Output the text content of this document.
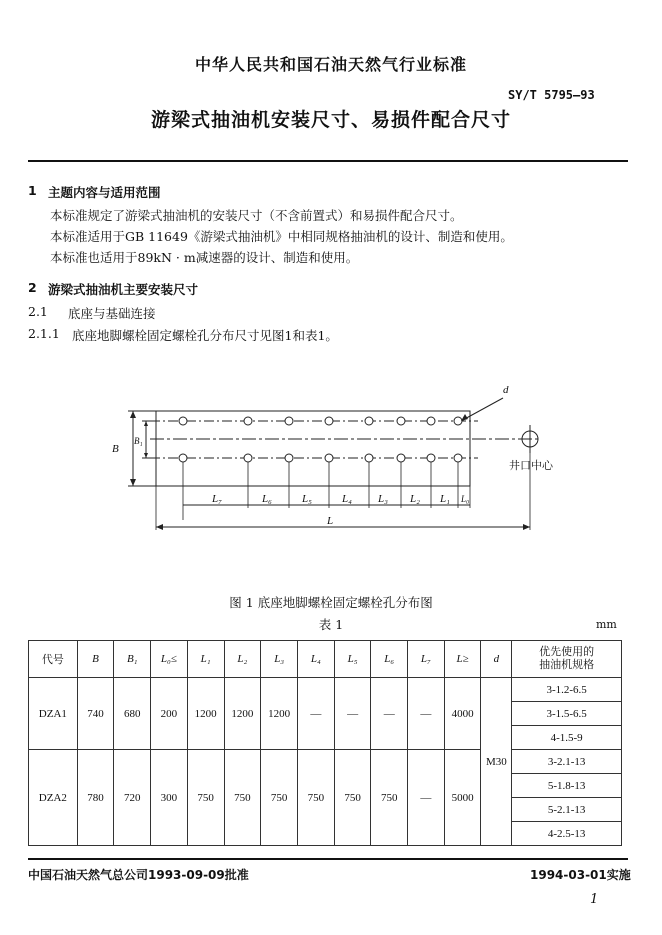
中华人民共和国石油天然气行业标准
SY/T 5795—93
游梁式抽油机安装尺寸、易损件配合尺寸
1 主题内容与适用范围
本标准规定了游梁式抽油机的安装尺寸（不含前置式）和易损件配合尺寸。
本标准适用于GB 11649《游梁式抽油机》中相同规格抽油机的设计、制造和使用。
本标准也适用于89kN · m减速器的设计、制造和使用。
2 游梁式抽油机主要安装尺寸
2.1 底座与基础连接
2.1.1 底座地脚螺栓固定螺栓孔分布尺寸见图1和表1。
B
B₁
d
L₇	L₆	L₅	L₄ L₃ L₂ L₁ L₀
L
井口中心
图 1 底座地脚螺栓固定螺栓孔分布图
表 1	mm
代号	B	B₁	L₀≤	L₁	L₂	L₃	L₄	L₅	L₆	L₇	L≥	d	优先使用的
抽油机规格
DZA1	740	680	200	1200	1200	1200	—	—	—	—	4000	M30	3-1.2-6.5
													3-1.5-6.5
													4-1.5-9
DZA2	780	720	300	750	750	750	750	750	750	—	5000		3-2.1-13
													5-1.8-13
													5-2.1-13
													4-2.5-13
中国石油天然气总公司1993-09-09批准	1994-03-01实施
1
